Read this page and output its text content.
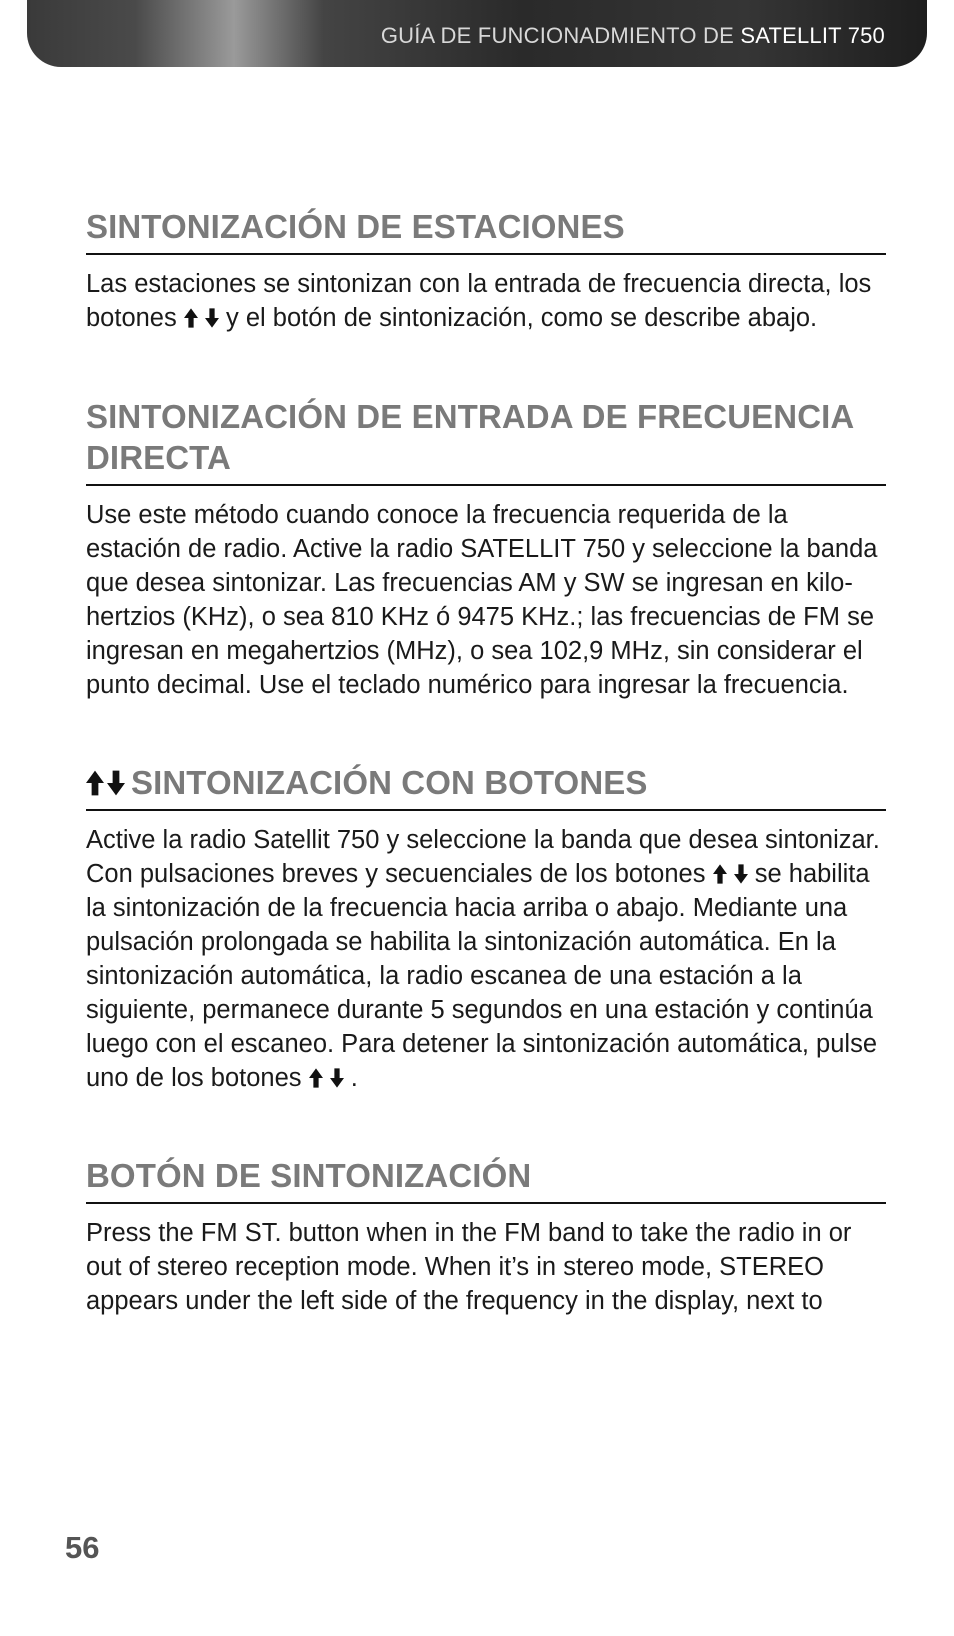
GUÍA DE FUNCIONADMIENTO DE SATELLIT 750
SINTONIZACIÓN DE ESTACIONES

Las estaciones se sintonizan con la entrada de frecuencia directa, los botones
y el botón de sintonización, como se describe abajo.

SINTONIZACIÓN DE ENTRADA DE FRECUENCIA DIRECTA

Use este método cuando conoce la frecuencia requerida de la estación de radio. Active la radio SATELLIT 750 y seleccione la banda que desea sintonizar. Las frecuencias AM y SW se ingresan en kilo-hertzios (KHz), o sea 810 KHz ó 9475 KHz.; las frecuencias de FM se ingresan en megahertzios (MHz), o sea 102,9 MHz, sin considerar el punto decimal. Use el teclado numérico para ingresar la frecuencia.

SINTONIZACIÓN CON BOTONES

Active la radio Satellit 750 y seleccione la banda que desea sintonizar. Con pulsaciones breves y secuenciales de los botones
se habilita la sintonización de la frecuencia hacia arriba o abajo. Mediante una pulsación prolongada se habilita la sintonización automática. En la sintonización automática, la radio escanea de una estación a la siguiente, permanece durante 5 segundos en una estación y continúa luego con el escaneo. Para detener la sintonización automática, pulse uno de los botones
.

BOTÓN DE SINTONIZACIÓN

Press the FM ST. button when in the FM band to take the radio in or out of stereo reception mode. When it’s in stereo mode, STEREO appears under the left side of the frequency in the display, next to

56
